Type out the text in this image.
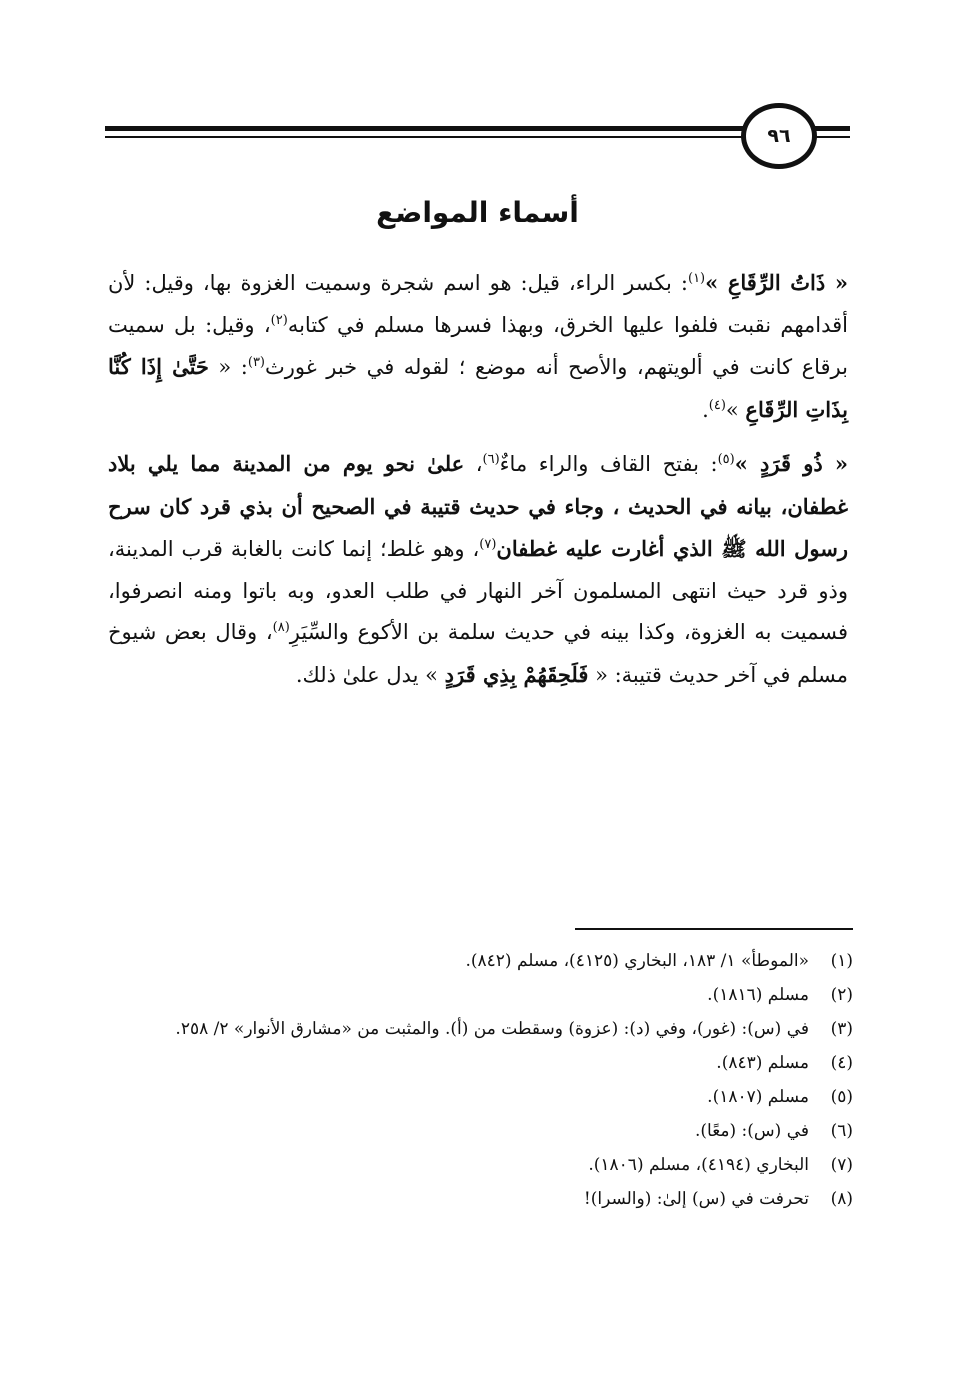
٩٦
أسماء المواضع

« ذَاتُ الرِّقَاعِ »$^{(١)}$: بكسر الراء، قيل: هو اسم شجرة وسميت الغزوة بها، وقيل: لأن أقدامهم نقبت فلفوا عليها الخرق، وبهذا فسرها مسلم في كتابه$^{(٢)}$، وقيل: بل سميت برقاع كانت في ألويتهم، والأصح أنه موضع ؛ لقوله في خبر غورث$^{(٣)}$: « حَتَّىٰ إِذَا كُنَّا بِذَاتِ الرِّقَاعِ »$^{(٤)}$.

« ذُو قَرَدٍ »$^{(٥)}$: بفتح القاف والراء ماءٌ$^{(٦)}$، علىٰ نحو يوم من المدينة مما يلي بلاد غطفان، بيانه في الحديث ، وجاء في حديث قتيبة في الصحيح أن بذي قرد كان سرح رسول الله ﷺ الذي أغارت عليه غطفان$^{(٧)}$، وهو غلط؛ إنما كانت بالغابة قرب المدينة، وذو قرد حيث انتهى المسلمون آخر النهار في طلب العدو، وبه باتوا ومنه انصرفوا، فسميت به الغزوة، وكذا بينه في حديث سلمة بن الأكوع والسِّيَرِ$^{(٨)}$، وقال بعض شيوخ مسلم في آخر حديث قتيبة: « فَلَحِقَهُمْ بِذِي قَرَدٍ » يدل علىٰ ذلك.

(١)
«الموطأ» ١/ ١٨٣، البخاري (٤١٢٥)، مسلم (٨٤٢).
(٢)
مسلم (١٨١٦).
(٣)
في (س): (غور)، وفي (د): (عزوة) وسقطت من (أ). والمثبت من «مشارق الأنوار» ٢/ ٢٥٨.
(٤)
مسلم (٨٤٣).
(٥)
مسلم (١٨٠٧).
(٦)
في (س): (معًا).
(٧)
البخاري (٤١٩٤)، مسلم (١٨٠٦).
(٨)
تحرفت في (س) إلىٰ: (والسرا)!
